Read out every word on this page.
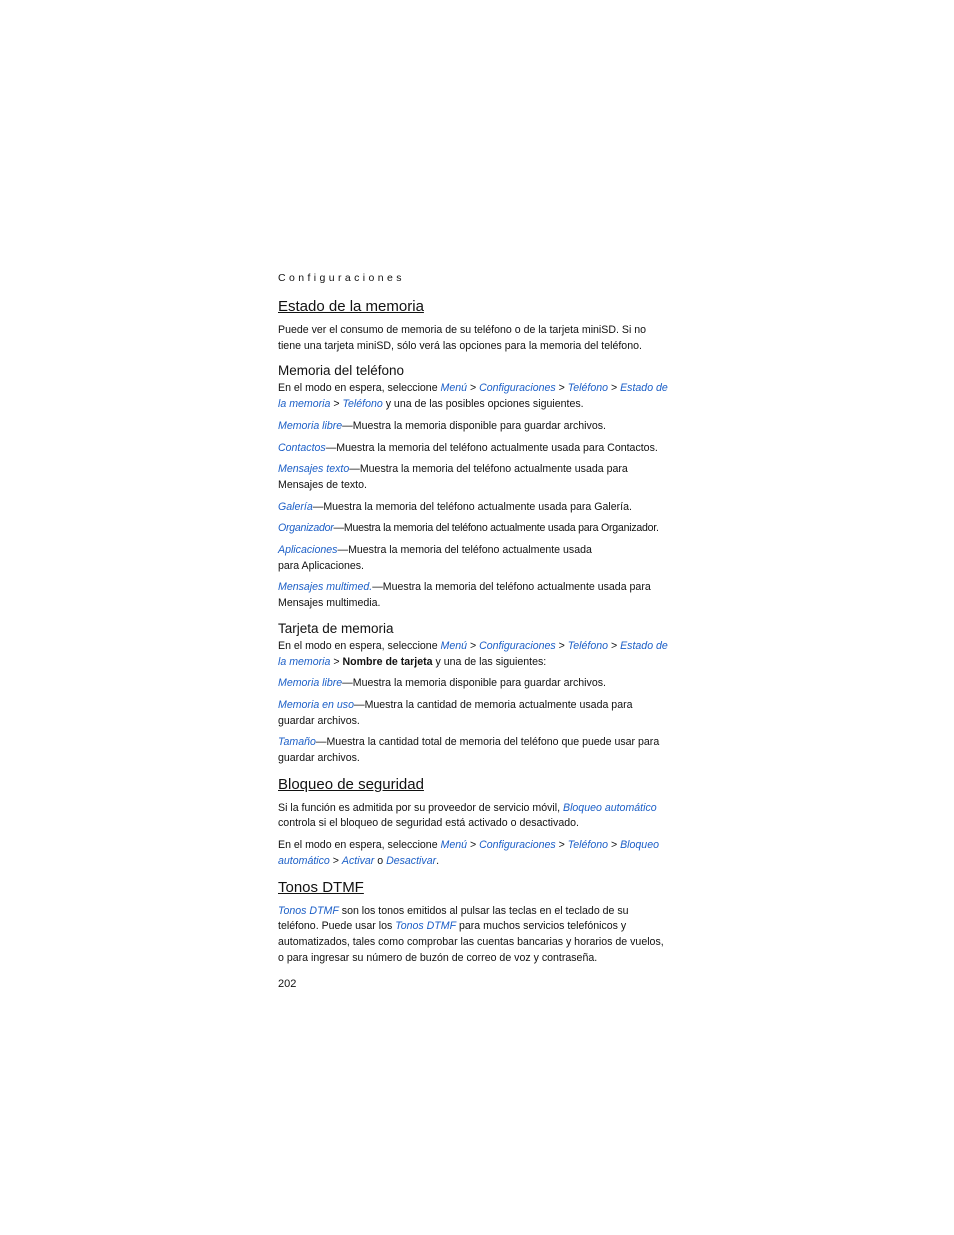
Configuraciones
Estado de la memoria

Puede ver el consumo de memoria de su teléfono o de la tarjeta miniSD. Si no tiene una tarjeta miniSD, sólo verá las opciones para la memoria del teléfono.

Memoria del teléfono

En el modo en espera, seleccione Menú > Configuraciones > Teléfono > Estado de la memoria > Teléfono y una de las posibles opciones siguientes.

Memoria libre—Muestra la memoria disponible para guardar archivos.

Contactos—Muestra la memoria del teléfono actualmente usada para Contactos.

Mensajes texto—Muestra la memoria del teléfono actualmente usada para Mensajes de texto.

Galería—Muestra la memoria del teléfono actualmente usada para Galería.

Organizador—Muestra la memoria del teléfono actualmente usada para Organizador.

Aplicaciones—Muestra la memoria del teléfono actualmente usada para Aplicaciones.

Mensajes multimed.—Muestra la memoria del teléfono actualmente usada para Mensajes multimedia.

Tarjeta de memoria

En el modo en espera, seleccione Menú > Configuraciones > Teléfono > Estado de la memoria > Nombre de tarjeta y una de las siguientes:

Memoria libre—Muestra la memoria disponible para guardar archivos.

Memoria en uso—Muestra la cantidad de memoria actualmente usada para guardar archivos.

Tamaño—Muestra la cantidad total de memoria del teléfono que puede usar para guardar archivos.

Bloqueo de seguridad

Si la función es admitida por su proveedor de servicio móvil, Bloqueo automático controla si el bloqueo de seguridad está activado o desactivado.

En el modo en espera, seleccione Menú > Configuraciones > Teléfono > Bloqueo automático > Activar o Desactivar.

Tonos DTMF

Tonos DTMF son los tonos emitidos al pulsar las teclas en el teclado de su teléfono. Puede usar los Tonos DTMF para muchos servicios telefónicos y automatizados, tales como comprobar las cuentas bancarias y horarios de vuelos, o para ingresar su número de buzón de correo de voz y contraseña.

202
